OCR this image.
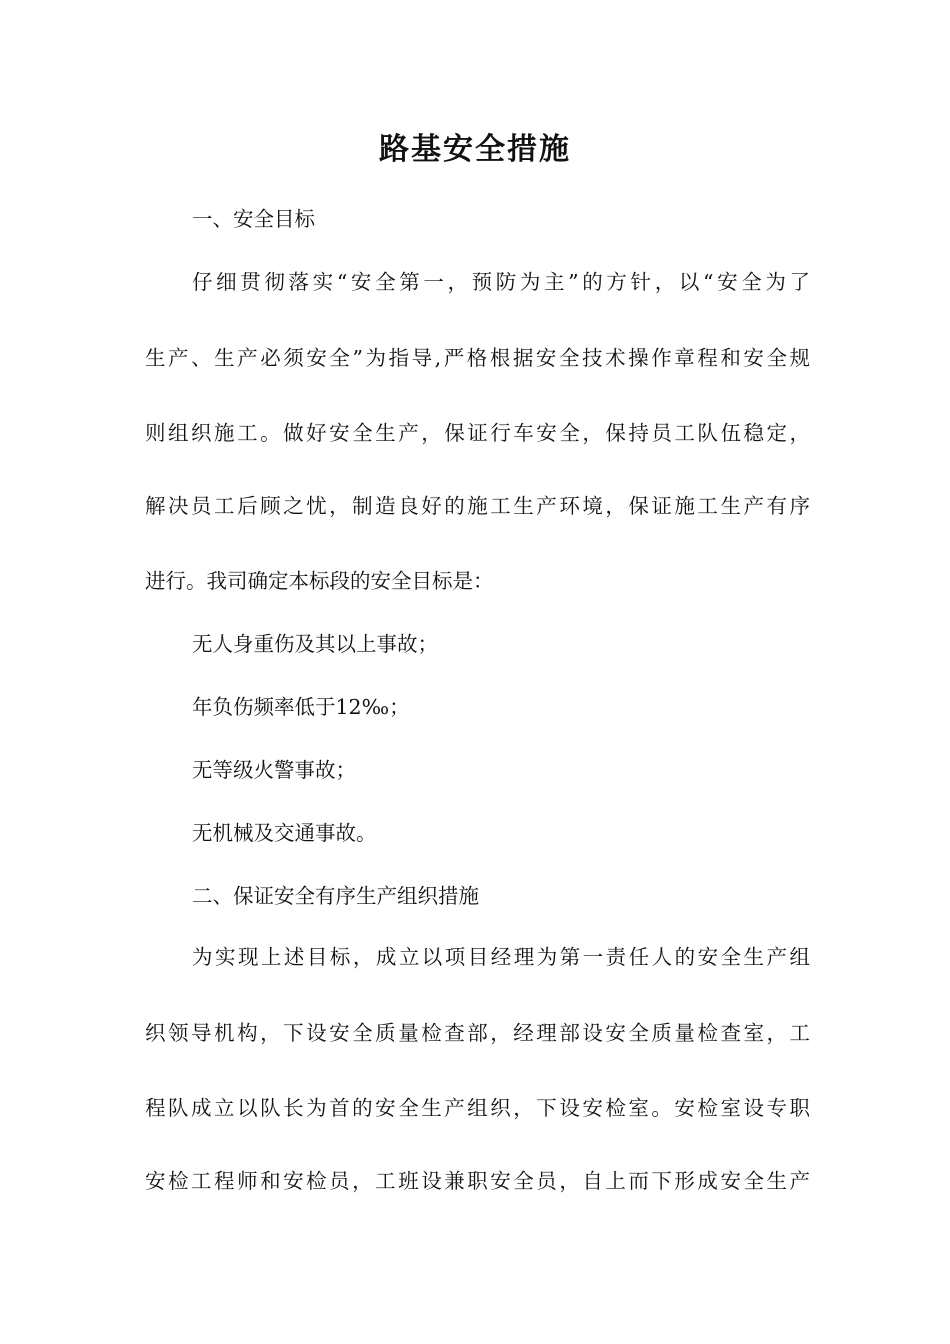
路基安全措施
一、安全目标
仔细贯彻落实“安全第一，预防为主”的方针，以“安全为了
生产、生产必须安全”为指导,严格根据安全技术操作章程和安全规
则组织施工。做好安全生产，保证行车安全，保持员工队伍稳定，
解决员工后顾之忧，制造良好的施工生产环境，保证施工生产有序
进行。我司确定本标段的安全目标是：
无人身重伤及其以上事故；
年负伤频率低于12‰；
无等级火警事故；
无机械及交通事故。
二、保证安全有序生产组织措施
为实现上述目标，成立以项目经理为第一责任人的安全生产组
织领导机构，下设安全质量检查部，经理部设安全质量检查室，工
程队成立以队长为首的安全生产组织，下设安检室。安检室设专职
安检工程师和安检员，工班设兼职安全员，自上而下形成安全生产
